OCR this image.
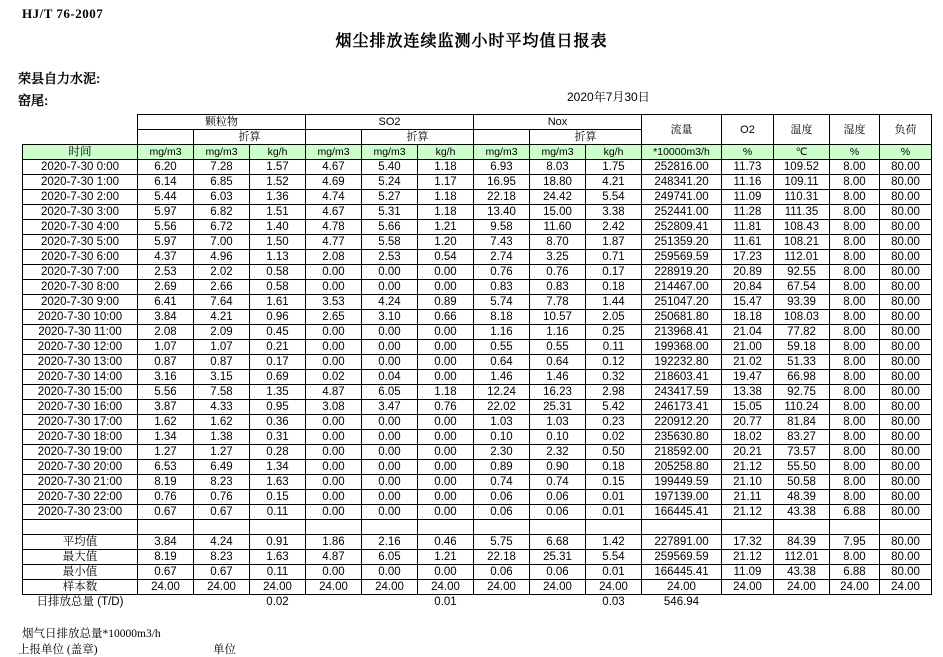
HJ/T 76-2007
烟尘排放连续监测小时平均值日报表
荣县自力水泥:
窑尾:	2020年7月30日
	颗粒物			SO2			Nox			流量	O2	温度	湿度	负荷
		折算			折算			折算						
时间	mg/m3	mg/m3	kg/h	mg/m3	mg/m3	kg/h	mg/m3	mg/m3	kg/h	*10000m3/h	%	℃	%	%
2020-7-30 0:00	6.20	7.28	1.57	4.67	5.40	1.18	6.93	8.03	1.75	252816.00	11.73	109.52	8.00	80.00
2020-7-30 1:00	6.14	6.85	1.52	4.69	5.24	1.17	16.95	18.80	4.21	248341.20	11.16	109.11	8.00	80.00
2020-7-30 2:00	5.44	6.03	1.36	4.74	5.27	1.18	22.18	24.42	5.54	249741.00	11.09	110.31	8.00	80.00
2020-7-30 3:00	5.97	6.82	1.51	4.67	5.31	1.18	13.40	15.00	3.38	252441.00	11.28	111.35	8.00	80.00
2020-7-30 4:00	5.56	6.72	1.40	4.78	5.66	1.21	9.58	11.60	2.42	252809.41	11.81	108.43	8.00	80.00
2020-7-30 5:00	5.97	7.00	1.50	4.77	5.58	1.20	7.43	8.70	1.87	251359.20	11.61	108.21	8.00	80.00
2020-7-30 6:00	4.37	4.96	1.13	2.08	2.53	0.54	2.74	3.25	0.71	259569.59	17.23	112.01	8.00	80.00
2020-7-30 7:00	2.53	2.02	0.58	0.00	0.00	0.00	0.76	0.76	0.17	228919.20	20.89	92.55	8.00	80.00
2020-7-30 8:00	2.69	2.66	0.58	0.00	0.00	0.00	0.83	0.83	0.18	214467.00	20.84	67.54	8.00	80.00
2020-7-30 9:00	6.41	7.64	1.61	3.53	4.24	0.89	5.74	7.78	1.44	251047.20	15.47	93.39	8.00	80.00
2020-7-30 10:00	3.84	4.21	0.96	2.65	3.10	0.66	8.18	10.57	2.05	250681.80	18.18	108.03	8.00	80.00
2020-7-30 11:00	2.08	2.09	0.45	0.00	0.00	0.00	1.16	1.16	0.25	213968.41	21.04	77.82	8.00	80.00
2020-7-30 12:00	1.07	1.07	0.21	0.00	0.00	0.00	0.55	0.55	0.11	199368.00	21.00	59.18	8.00	80.00
2020-7-30 13:00	0.87	0.87	0.17	0.00	0.00	0.00	0.64	0.64	0.12	192232.80	21.02	51.33	8.00	80.00
2020-7-30 14:00	3.16	3.15	0.69	0.02	0.04	0.00	1.46	1.46	0.32	218603.41	19.47	66.98	8.00	80.00
2020-7-30 15:00	5.56	7.58	1.35	4.87	6.05	1.18	12.24	16.23	2.98	243417.59	13.38	92.75	8.00	80.00
2020-7-30 16:00	3.87	4.33	0.95	3.08	3.47	0.76	22.02	25.31	5.42	246173.41	15.05	110.24	8.00	80.00
2020-7-30 17:00	1.62	1.62	0.36	0.00	0.00	0.00	1.03	1.03	0.23	220912.20	20.77	81.84	8.00	80.00
2020-7-30 18:00	1.34	1.38	0.31	0.00	0.00	0.00	0.10	0.10	0.02	235630.80	18.02	83.27	8.00	80.00
2020-7-30 19:00	1.27	1.27	0.28	0.00	0.00	0.00	2.30	2.32	0.50	218592.00	20.21	73.57	8.00	80.00
2020-7-30 20:00	6.53	6.49	1.34	0.00	0.00	0.00	0.89	0.90	0.18	205258.80	21.12	55.50	8.00	80.00
2020-7-30 21:00	8.19	8.23	1.63	0.00	0.00	0.00	0.74	0.74	0.15	199449.59	21.10	50.58	8.00	80.00
2020-7-30 22:00	0.76	0.76	0.15	0.00	0.00	0.00	0.06	0.06	0.01	197139.00	21.11	48.39	8.00	80.00
2020-7-30 23:00	0.67	0.67	0.11	0.00	0.00	0.00	0.06	0.06	0.01	166445.41	21.12	43.38	6.88	80.00

平均值	3.84	4.24	0.91	1.86	2.16	0.46	5.75	6.68	1.42	227891.00	17.32	84.39	7.95	80.00
最大值	8.19	8.23	1.63	4.87	6.05	1.21	22.18	25.31	5.54	259569.59	21.12	112.01	8.00	80.00
最小值	0.67	0.67	0.11	0.00	0.00	0.00	0.06	0.06	0.01	166445.41	11.09	43.38	6.88	80.00
样本数	24.00	24.00	24.00	24.00	24.00	24.00	24.00	24.00	24.00	24.00	24.00	24.00	24.00	24.00
日排放总量 (T/D)			0.02			0.01			0.03	546.94				
烟气日排放总量*10000m3/h
上报单位 (盖章)	单位
